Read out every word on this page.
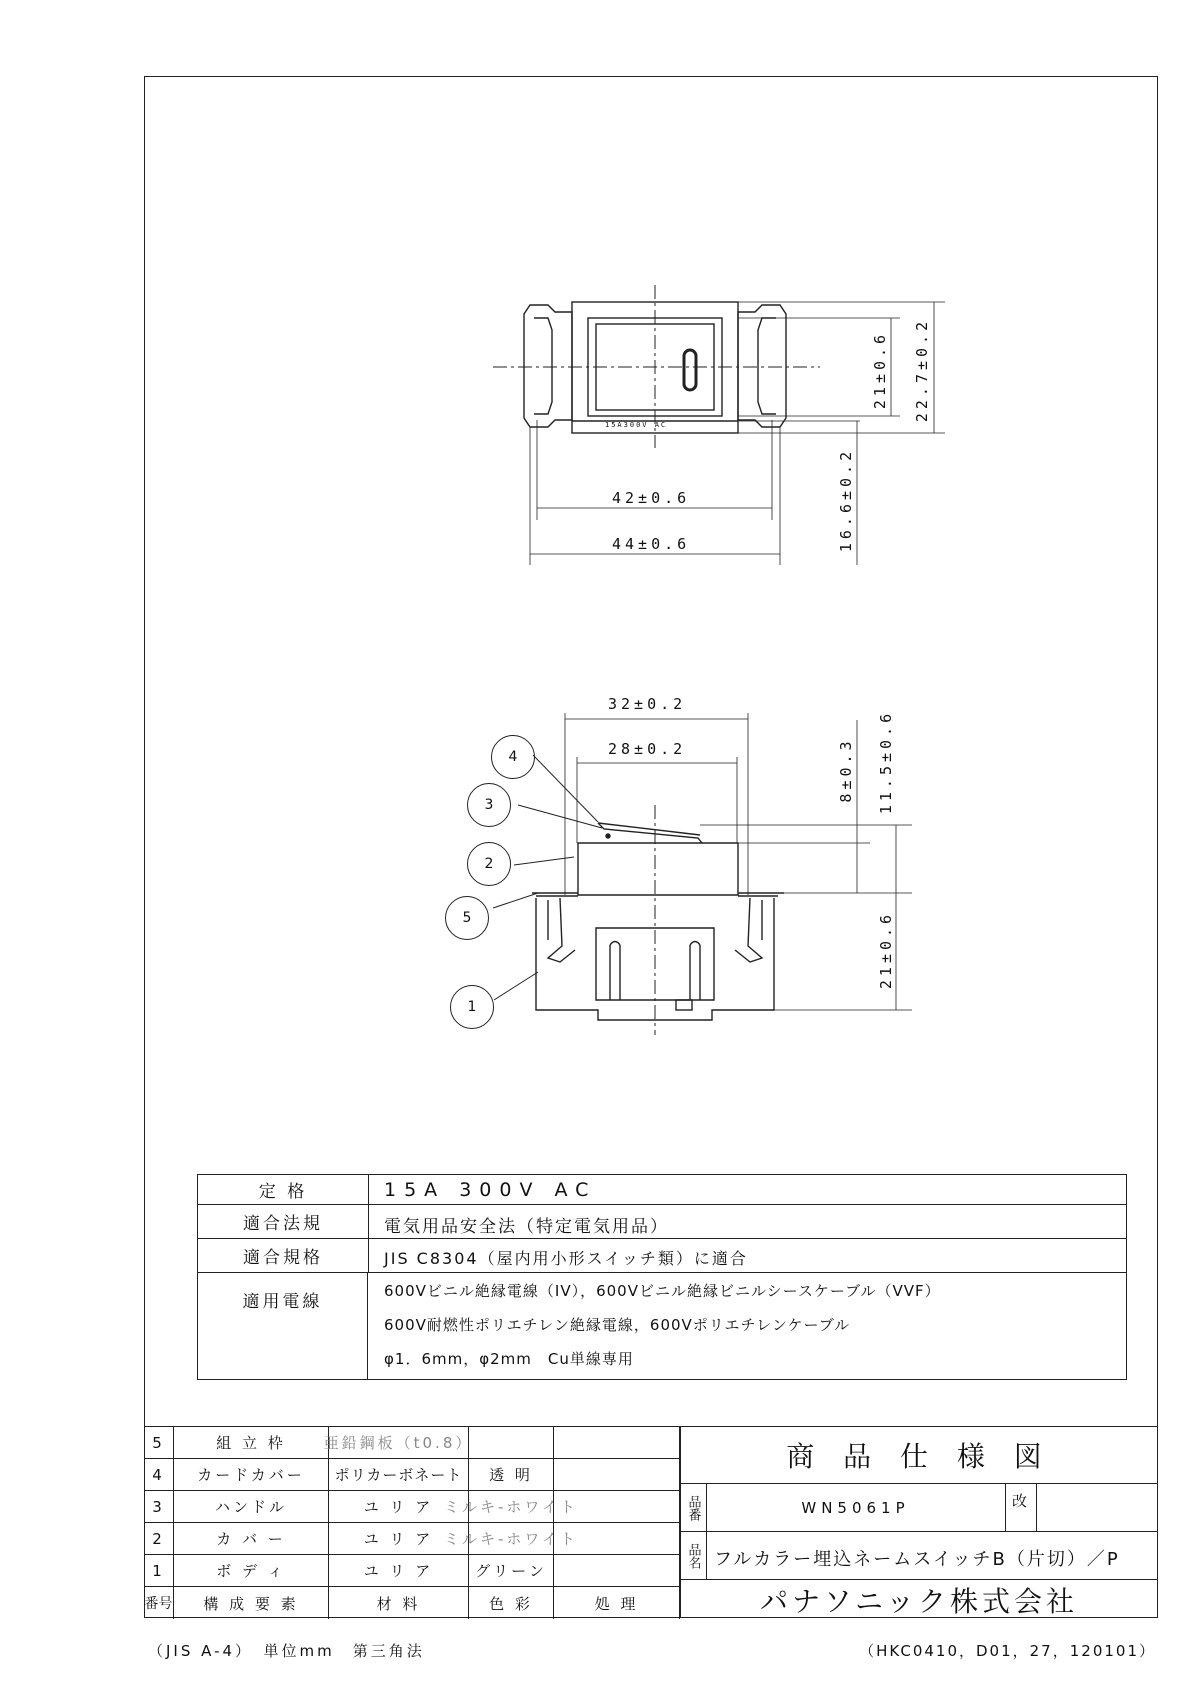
42±0.6
44±0.6
15A300V AC
21±0.6 22.7±0.2
16.6±0.2
32±0.2
28±0.2	8±0.3 11.5±0.6
21±0.6
4
3
2
5
1
定 格	15A 300V AC
適合法規	電気用品安全法（特定電気用品）
適合規格	JIS C8304（屋内用小形スイッチ類）に適合
適用電線
600Vビニル絶縁電線（IV），600Vビニル絶縁ビニルシースケーブル（VVF）
600V耐燃性ポリエチレン絶縁電線，600Vポリエチレンケーブル
φ1．6mm，φ2mm　Cu単線専用
5	組 立 枠	亜鉛鋼板（t0.8）
4	カードカバー	ポリカーボネート	透 明
3	ハンドル	ユ リ ア ミルキ-ホワイト
2	カ バ ー	ユ リ ア ミルキ-ホワイト
1	ボ デ ィ	ユ リ ア	グリーン
番号	構 成 要 素	材 料	色 彩	処 理
商 品 仕 様 図
品番	WN5061P	改
品名 フルカラー埋込ネームスイッチB（片切）／P
パナソニック株式会社
（JIS A-4）　単位mm　第三角法	（HKC0410，D01，27，120101）
